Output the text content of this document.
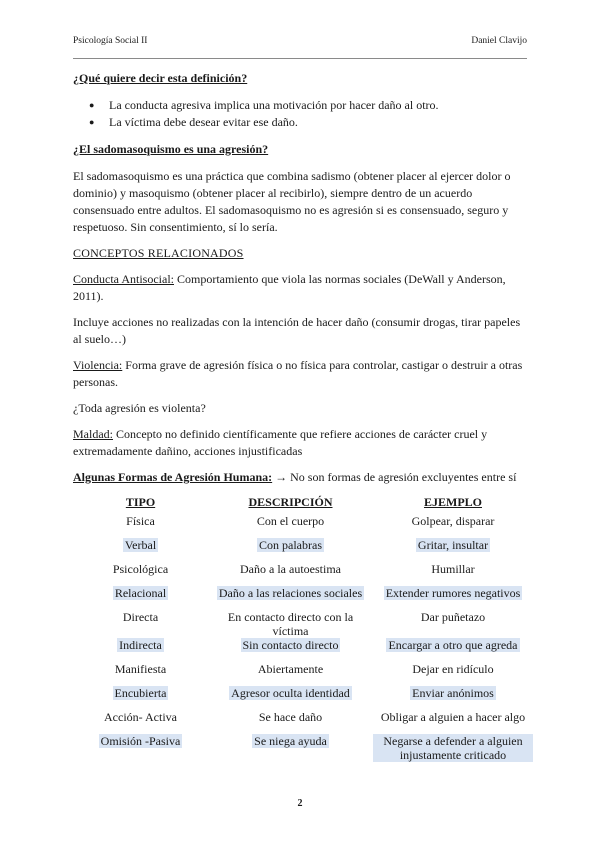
Psicología Social II	Daniel Clavijo

¿Qué quiere decir esta definición?

● La conducta agresiva implica una motivación por hacer daño al otro.
● La víctima debe desear evitar ese daño.

¿El sadomasoquismo es una agresión?

El sadomasoquismo es una práctica que combina sadismo (obtener placer al ejercer dolor o dominio) y masoquismo (obtener placer al recibirlo), siempre dentro de un acuerdo consensuado entre adultos. El sadomasoquismo no es agresión si es consensuado, seguro y respetuoso. Sin consentimiento, sí lo sería.

CONCEPTOS RELACIONADOS

Conducta Antisocial: Comportamiento que viola las normas sociales (DeWall y Anderson, 2011).

Incluye acciones no realizadas con la intención de hacer daño (consumir drogas, tirar papeles al suelo…)

Violencia: Forma grave de agresión física o no física para controlar, castigar o destruir a otras personas.

¿Toda agresión es violenta?

Maldad: Concepto no definido científicamente que refiere acciones de carácter cruel y extremadamente dañino, acciones injustificadas

Algunas Formas de Agresión Humana: → No son formas de agresión excluyentes entre sí

TIPO	DESCRIPCIÓN	EJEMPLO
Física	Con el cuerpo	Golpear, disparar
Verbal	Con palabras	Gritar, insultar
Psicológica	Daño a la autoestima	Humillar
Relacional	Daño a las relaciones sociales	Extender rumores negativos
Directa	En contacto directo con la víctima	Dar puñetazo
Indirecta	Sin contacto directo	Encargar a otro que agreda
Manifiesta	Abiertamente	Dejar en ridículo
Encubierta	Agresor oculta identidad	Enviar anónimos
Acción- Activa	Se hace daño	Obligar a alguien a hacer algo
Omisión -Pasiva	Se niega ayuda	Negarse a defender a alguien injustamente criticado
2
